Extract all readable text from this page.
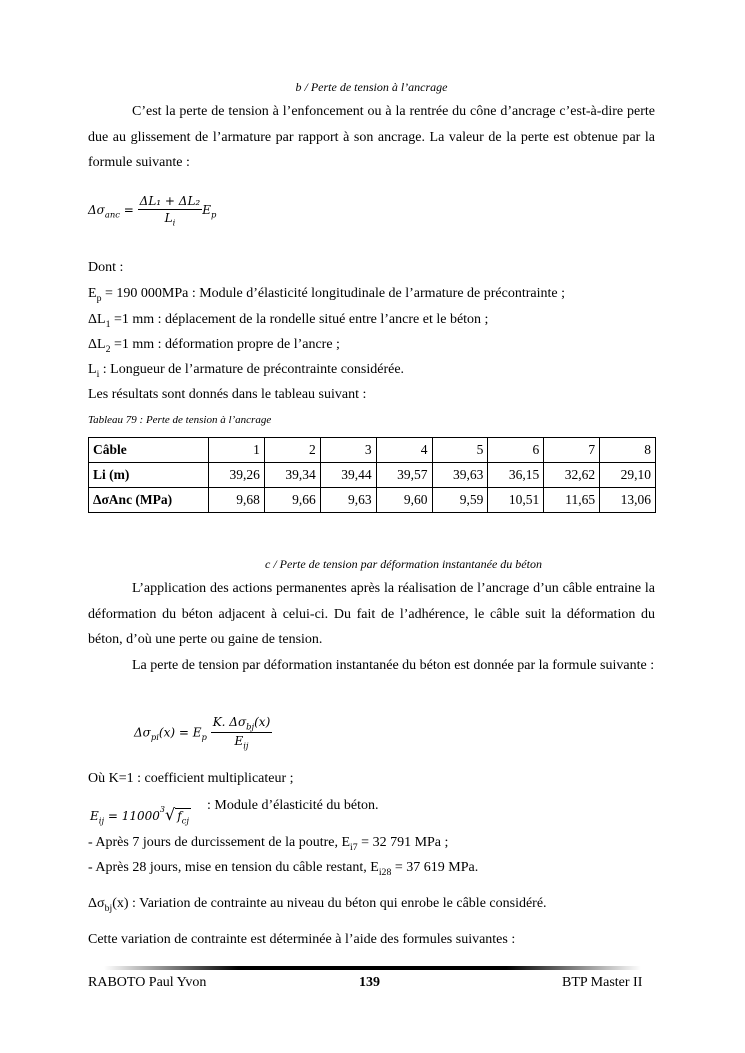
b / Perte de tension à l’ancrage

C’est la perte de tension à l’enfoncement ou à la rentrée du cône d’ancrage c’est-à-dire perte due au glissement de l’armature par rapport à son ancrage. La valeur de la perte est obtenue par la formule suivante :

$\Delta\sigma_{anc} = \frac{\text{ΔL₁ + ΔL₂}}{L_i} E_p$
Dont :
$E_p = 190$ 000MPa : Module d’élasticité longitudinale de l’armature de précontrainte ;
$\Delta L_1 =1$ mm : déplacement de la rondelle situé entre l’ancre et le béton ;
$\Delta L_2 =1$ mm : déformation propre de l’ancre ;
$L_i$ : Longueur de l’armature de précontrainte considérée.
Les résultats sont donnés dans le tableau suivant :
Tableau 79 : Perte de tension à l’ancrage
Câble	1	2	3	4	5	6	7	8
Li (m)	39,26	39,34	39,44	39,57	39,63	36,15	32,62	29,10
ΔσAnc (MPa)	9,68	9,66	9,63	9,60	9,59	10,51	11,65	13,06
c / Perte de tension par déformation instantanée du béton

L’application des actions permanentes après la réalisation de l’ancrage d’un câble entraine la déformation du béton adjacent à celui-ci. Du fait de l’adhérence, le câble suit la déformation du béton, d’où une perte ou gaine de tension.

La perte de tension par déformation instantanée du béton est donnée par la formule suivante :

$\Delta\sigma_{pi}(x) = E_p \frac{K. \Delta\sigma_{bj}(x)}{E_{ij}}$
Où K=1 : coefficient multiplicateur ;
$E_{ij} = 11000^3√$ $f_{cj}$
: Module d’élasticité du béton.
- Après 7 jours de durcissement de la poutre, $E_{i7} = 32$ 791 MPa ;
- Après 28 jours, mise en tension du câble restant, $E_{i28} = 37$ 619 MPa.
$\Delta\sigma_{bj}(x)$ : Variation de contrainte au niveau du béton qui enrobe le câble considéré.
Cette variation de contrainte est déterminée à l’aide des formules suivantes :
RABOTO Paul Yvon	139	BTP Master II
